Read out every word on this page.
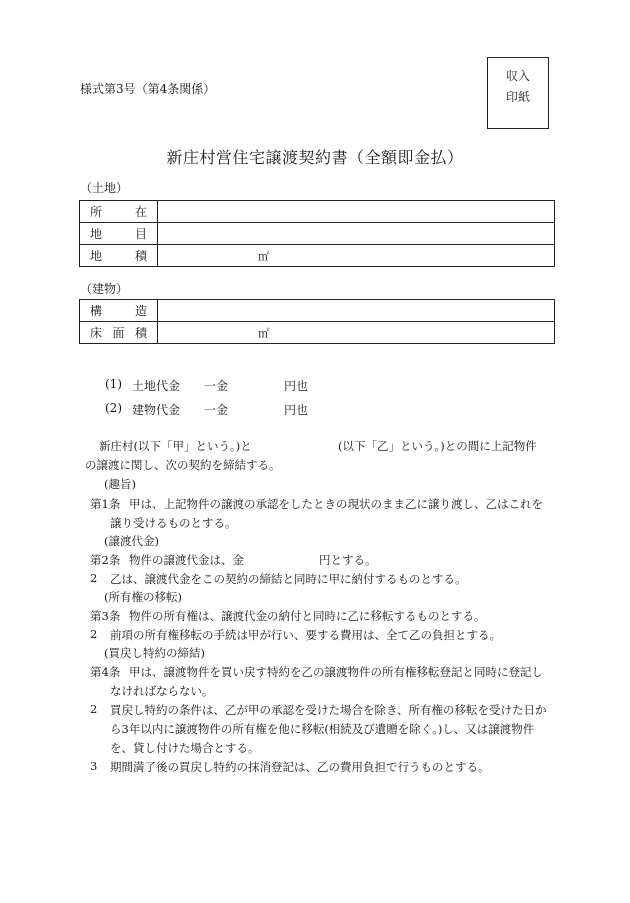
様式第3号（第4条関係）
収入
印紙
新庄村営住宅譲渡契約書（全額即金払）
（土地）
所在	
地目	
地積	㎡
（建物）
構造	
床面積	㎡
(1) 土地代金 一金	円也
(2) 建物代金 一金	円也
新庄村(以下「甲」という。)と	(以下「乙」という。)との間に上記物件
の譲渡に関し、次の契約を締結する。
(趣旨)
第1条 甲は、上記物件の譲渡の承認をしたときの現状のまま乙に譲り渡し、乙はこれを
譲り受けるものとする。
(譲渡代金)
第2条 物件の譲渡代金は、金	円とする。
2 乙は、譲渡代金をこの契約の締結と同時に甲に納付するものとする。
(所有権の移転)
第3条 物件の所有権は、譲渡代金の納付と同時に乙に移転するものとする。
2 前項の所有権移転の手続は甲が行い、要する費用は、全て乙の負担とする。
(買戻し特約の締結)
第4条 甲は、譲渡物件を買い戻す特約を乙の譲渡物件の所有権移転登記と同時に登記し
なければならない。
2 買戻し特約の条件は、乙が甲の承認を受けた場合を除き、所有権の移転を受けた日か
ら3年以内に譲渡物件の所有権を他に移転(相続及び遺贈を除く。)し、又は譲渡物件
を、貸し付けた場合とする。
3 期間満了後の買戻し特約の抹消登記は、乙の費用負担で行うものとする。
